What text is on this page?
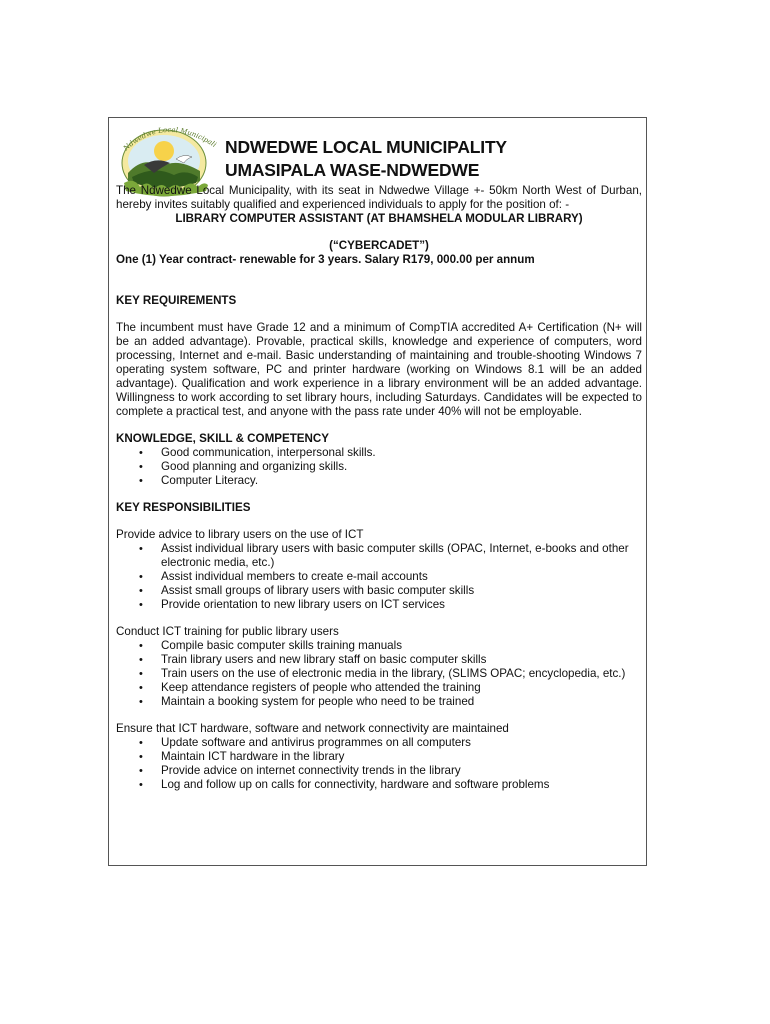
Ndwedwe Local Municipali NDWEDWE LOCAL MUNICIPALITY
UMASIPALA WASE-NDWEDWE

The Ndwedwe Local Municipality, with its seat in Ndwedwe Village +- 50km North West of Durban, hereby invites suitably qualified and experienced individuals to apply for the position of: -

LIBRARY COMPUTER ASSISTANT (AT BHAMSHELA MODULAR LIBRARY)

(“CYBERCADET”)

One (1) Year contract- renewable for 3 years. Salary R179, 000.00 per annum

KEY REQUIREMENTS

The incumbent must have Grade 12 and a minimum of CompTIA accredited A+ Certification (N+ will be an added advantage). Provable, practical skills, knowledge and experience of computers, word processing, Internet and e-mail. Basic understanding of maintaining and trouble-shooting Windows 7 operating system software, PC and printer hardware (working on Windows 8.1 will be an added advantage). Qualification and work experience in a library environment will be an added advantage. Willingness to work according to set library hours, including Saturdays. Candidates will be expected to complete a practical test, and anyone with the pass rate under 40% will not be employable.

KNOWLEDGE, SKILL & COMPETENCY

• Good communication, interpersonal skills.
• Good planning and organizing skills.
• Computer Literacy.

KEY RESPONSIBILITIES

Provide advice to library users on the use of ICT

• Assist individual library users with basic computer skills (OPAC, Internet, e-books and other electronic media, etc.)
• Assist individual members to create e-mail accounts
• Assist small groups of library users with basic computer skills
• Provide orientation to new library users on ICT services

Conduct ICT training for public library users

• Compile basic computer skills training manuals
• Train library users and new library staff on basic computer skills
• Train users on the use of electronic media in the library, (SLIMS OPAC; encyclopedia, etc.)
• Keep attendance registers of people who attended the training
• Maintain a booking system for people who need to be trained

Ensure that ICT hardware, software and network connectivity are maintained

• Update software and antivirus programmes on all computers
• Maintain ICT hardware in the library
• Provide advice on internet connectivity trends in the library
• Log and follow up on calls for connectivity, hardware and software problems
